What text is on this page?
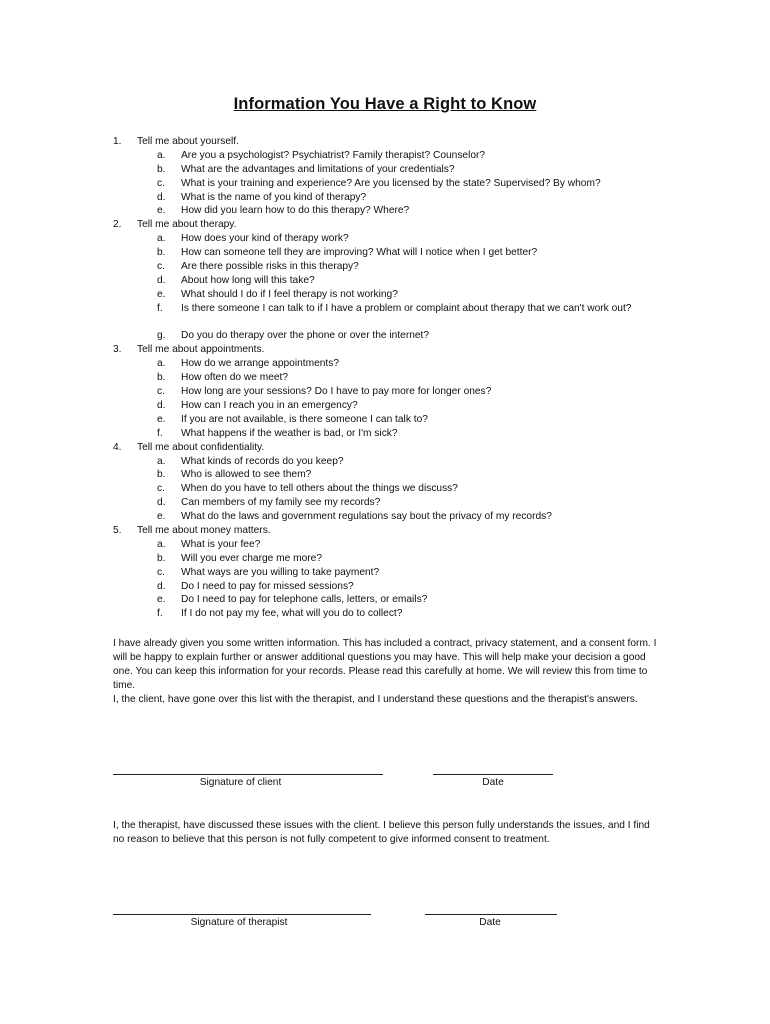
Information You Have a Right to Know
1. Tell me about yourself.
a. Are you a psychologist? Psychiatrist? Family therapist? Counselor?
b. What are the advantages and limitations of your credentials?
c. What is your training and experience? Are you licensed by the state? Supervised? By whom?
d. What is the name of you kind of therapy?
e. How did you learn how to do this therapy? Where?
2. Tell me about therapy.
a. How does your kind of therapy work?
b. How can someone tell they are improving? What will I notice when I get better?
c. Are there possible risks in this therapy?
d. About how long will this take?
e. What should I do if I feel therapy is not working?
f. Is there someone I can talk to if I have a problem or complaint about therapy that we can't work out?
g. Do you do therapy over the phone or over the internet?
3. Tell me about appointments.
a. How do we arrange appointments?
b. How often do we meet?
c. How long are your sessions? Do I have to pay more for longer ones?
d. How can I reach you in an emergency?
e. If you are not available, is there someone I can talk to?
f. What happens if the weather is bad, or I'm sick?
4. Tell me about confidentiality.
a. What kinds of records do you keep?
b. Who is allowed to see them?
c. When do you have to tell others about the things we discuss?
d. Can members of my family see my records?
e. What do the laws and government regulations say bout the privacy of my records?
5. Tell me about money matters.
a. What is your fee?
b. Will you ever charge me more?
c. What ways are you willing to take payment?
d. Do I need to pay for missed sessions?
e. Do I need to pay for telephone calls, letters, or emails?
f. If I do not pay my fee, what will you do to collect?

I have already given you some written information. This has included a contract, privacy statement, and a consent form. I will be happy to explain further or answer additional questions you may have. This will help make your decision a good one. You can keep this information for your records. Please read this carefully at home. We will review this from time to time.

I, the client, have gone over this list with the therapist, and I understand these questions and the therapist's answers.

Signature of client	Date

I, the therapist, have discussed these issues with the client. I believe this person fully understands the issues, and I find no reason to believe that this person is not fully competent to give informed consent to treatment.

Signature of therapist	Date
